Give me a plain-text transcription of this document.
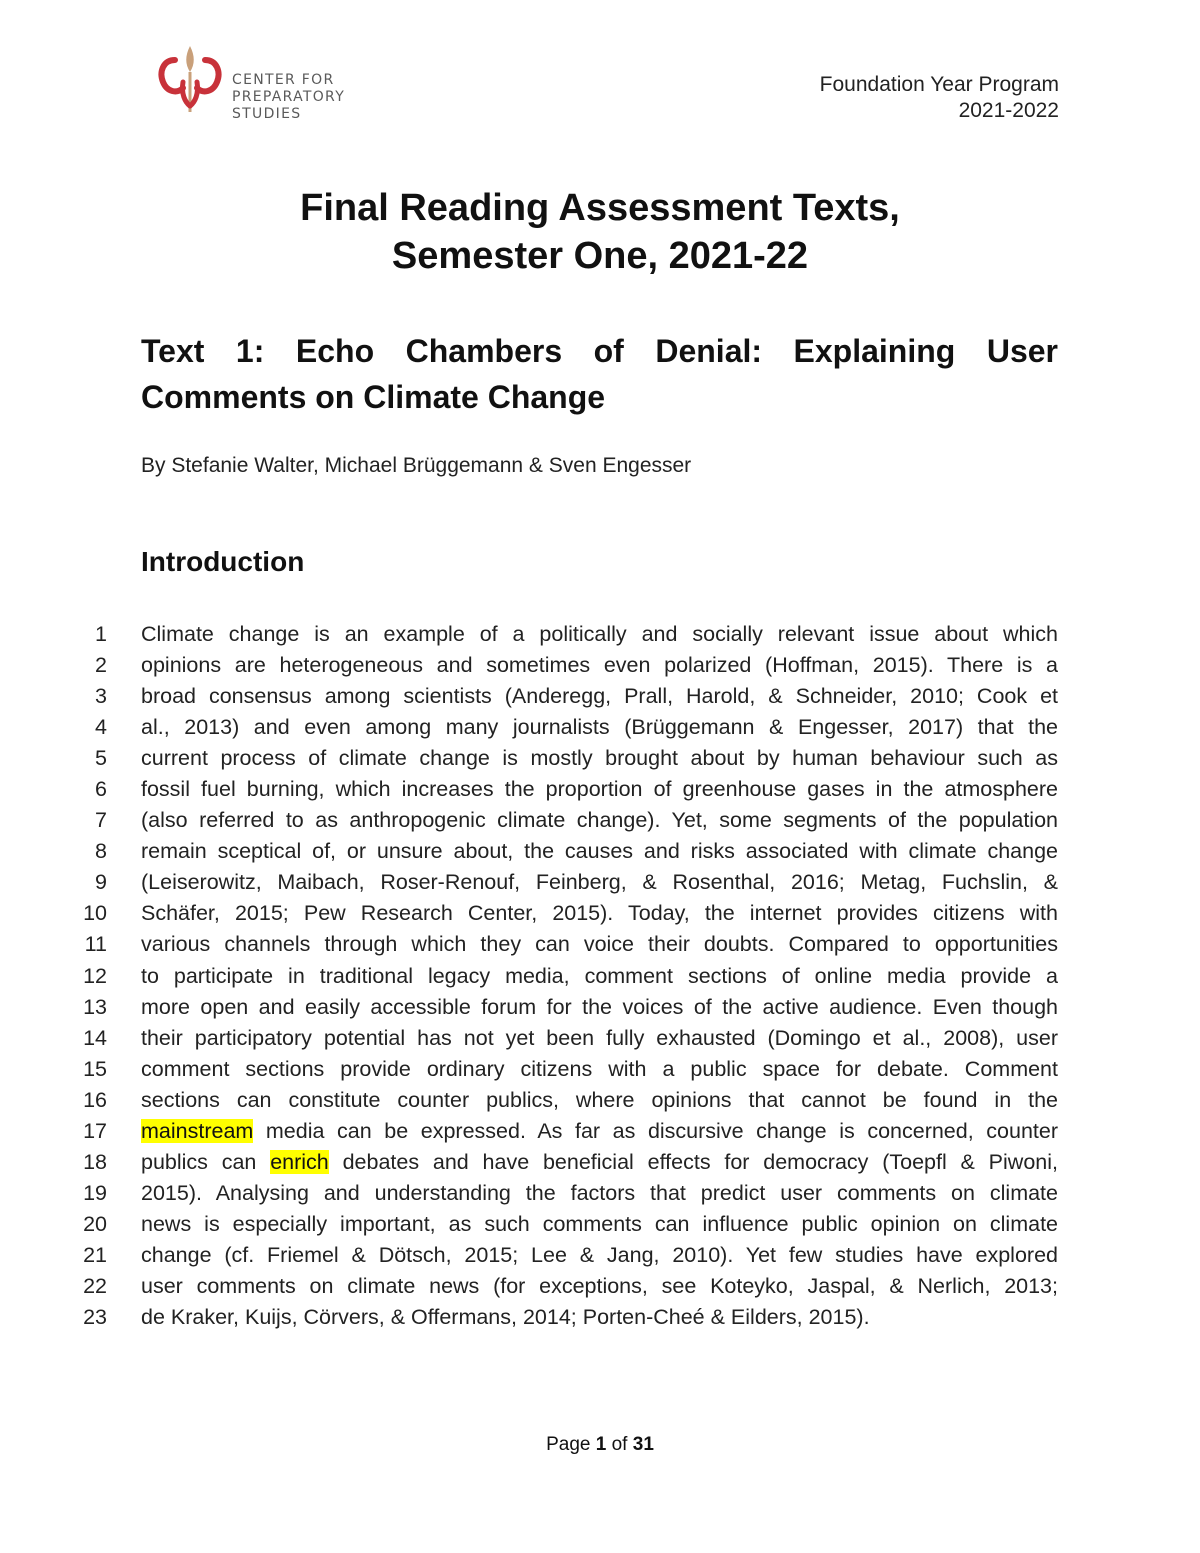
CENTER FOR
PREPARATORY
STUDIES
Foundation Year Program
2021-2022
Final Reading Assessment Texts,
Semester One, 2021-22
Text 1: Echo Chambers of Denial: Explaining User
Comments on Climate Change
By Stefanie Walter, Michael Brüggemann & Sven Engesser
Introduction
1 Climate change is an example of a politically and socially relevant issue about which
2 opinions are heterogeneous and sometimes even polarized (Hoffman, 2015). There is a
3 broad consensus among scientists (Anderegg, Prall, Harold, & Schneider, 2010; Cook et
4 al., 2013) and even among many journalists (Brüggemann & Engesser, 2017) that the
5 current process of climate change is mostly brought about by human behaviour such as
6 fossil fuel burning, which increases the proportion of greenhouse gases in the atmosphere
7 (also referred to as anthropogenic climate change). Yet, some segments of the population
8 remain sceptical of, or unsure about, the causes and risks associated with climate change
9 (Leiserowitz, Maibach, Roser-Renouf, Feinberg, & Rosenthal, 2016; Metag, Fuchslin, &
10 Schäfer, 2015; Pew Research Center, 2015). Today, the internet provides citizens with
11 various channels through which they can voice their doubts. Compared to opportunities
12 to participate in traditional legacy media, comment sections of online media provide a
13 more open and easily accessible forum for the voices of the active audience. Even though
14 their participatory potential has not yet been fully exhausted (Domingo et al., 2008), user
15 comment sections provide ordinary citizens with a public space for debate. Comment
16 sections can constitute counter publics, where opinions that cannot be found in the
17 mainstream media can be expressed. As far as discursive change is concerned, counter
18 publics can enrich debates and have beneficial effects for democracy (Toepfl & Piwoni,
19 2015). Analysing and understanding the factors that predict user comments on climate
20 news is especially important, as such comments can influence public opinion on climate
21 change (cf. Friemel & Dötsch, 2015; Lee & Jang, 2010). Yet few studies have explored
22 user comments on climate news (for exceptions, see Koteyko, Jaspal, & Nerlich, 2013;
23 de Kraker, Kuijs, Cörvers, & Offermans, 2014; Porten-Cheé & Eilders, 2015).
Page 1 of 31
